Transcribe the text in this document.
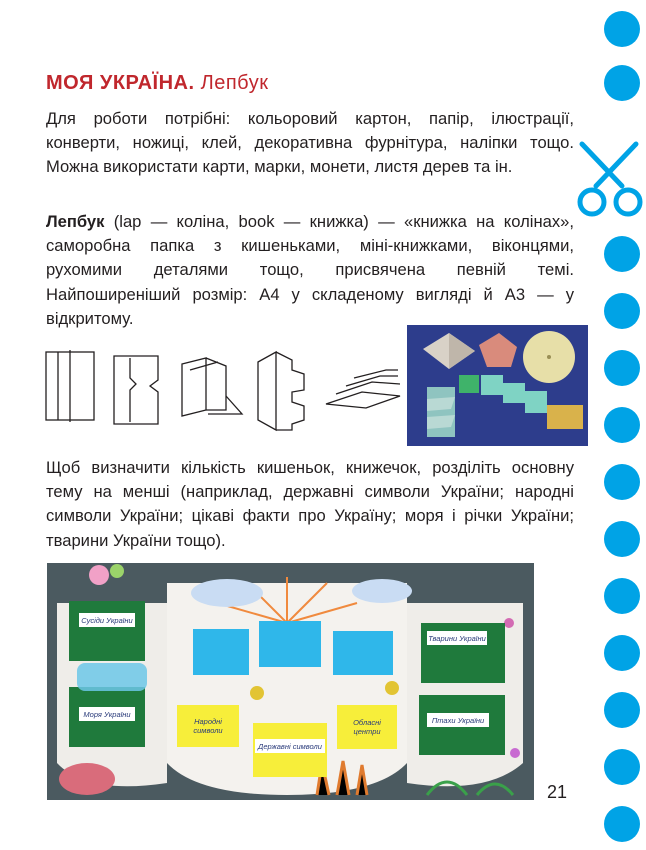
МОЯ УКРАЇНА. Лепбук

Для роботи потрібні: кольоровий картон, папір, ілюстрації, конверти, ножиці, клей, декоративна фурнітура, наліпки тощо. Можна використати карти, марки, монети, листя дерев та ін.

Лепбук (lap — коліна, book — книжка) — «книжка на колінах», саморобна папка з кишеньками, міні-книжками, віконцями, рухомими деталями тощо, присвячена певній темі. Найпоширеніший розмір: А4 у складеному вигляді й А3 — у відкритому.

Щоб визначити кількість кишеньок, книжечок, розділіть основну тему на менші (наприклад, державні символи України; народні символи України; цікаві факти про Україну; моря і річки України; тварини України тощо).

Сусіди України
Моря України
Народні символи
Державні символи
Обласні центри
Тварини України
Птахи України
21
